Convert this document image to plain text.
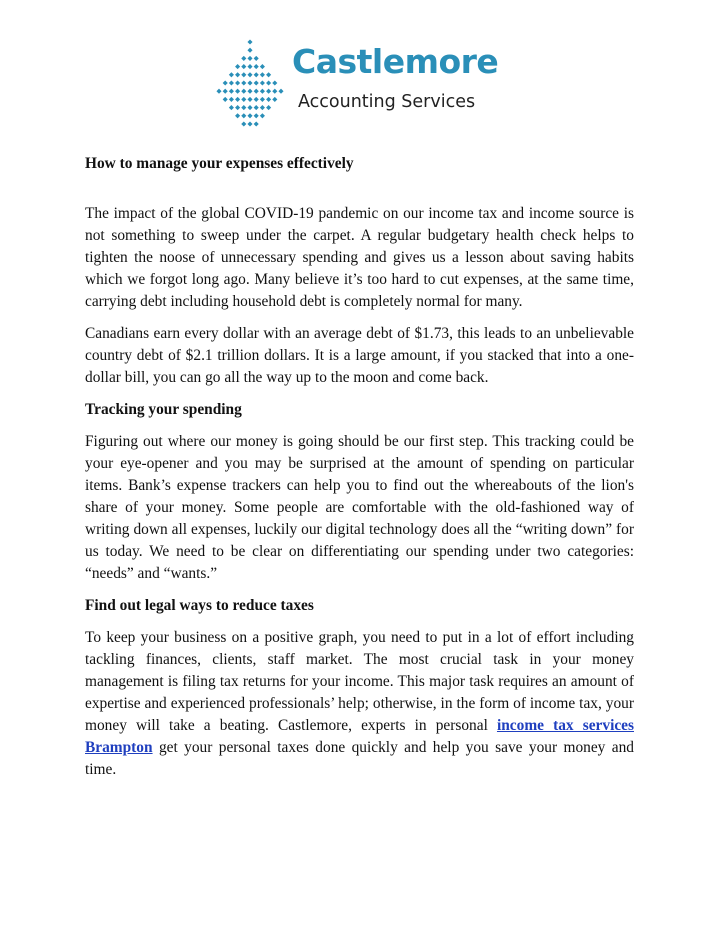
Castlemore
Accounting Services

How to manage your expenses effectively

The impact of the global COVID-19 pandemic on our income tax and income source is not something to sweep under the carpet. A regular budgetary health check helps to tighten the noose of unnecessary spending and gives us a lesson about saving habits which we forgot long ago. Many believe it’s too hard to cut expenses, at the same time, carrying debt including household debt is completely normal for many.

Canadians earn every dollar with an average debt of $1.73, this leads to an unbelievable country debt of $2.1 trillion dollars. It is a large amount, if you stacked that into a one-dollar bill, you can go all the way up to the moon and come back.

Tracking your spending

Figuring out where our money is going should be our first step. This tracking could be your eye-opener and you may be surprised at the amount of spending on particular items. Bank’s expense trackers can help you to find out the whereabouts of the lion's share of your money. Some people are comfortable with the old-fashioned way of writing down all expenses, luckily our digital technology does all the “writing down” for us today. We need to be clear on differentiating our spending under two categories: “needs” and “wants.”

Find out legal ways to reduce taxes

To keep your business on a positive graph, you need to put in a lot of effort including tackling finances, clients, staff market. The most crucial task in your money management is filing tax returns for your income. This major task requires an amount of expertise and experienced professionals’ help; otherwise, in the form of income tax, your money will take a beating. Castlemore, experts in personal income tax services Brampton get your personal taxes done quickly and help you save your money and time.
